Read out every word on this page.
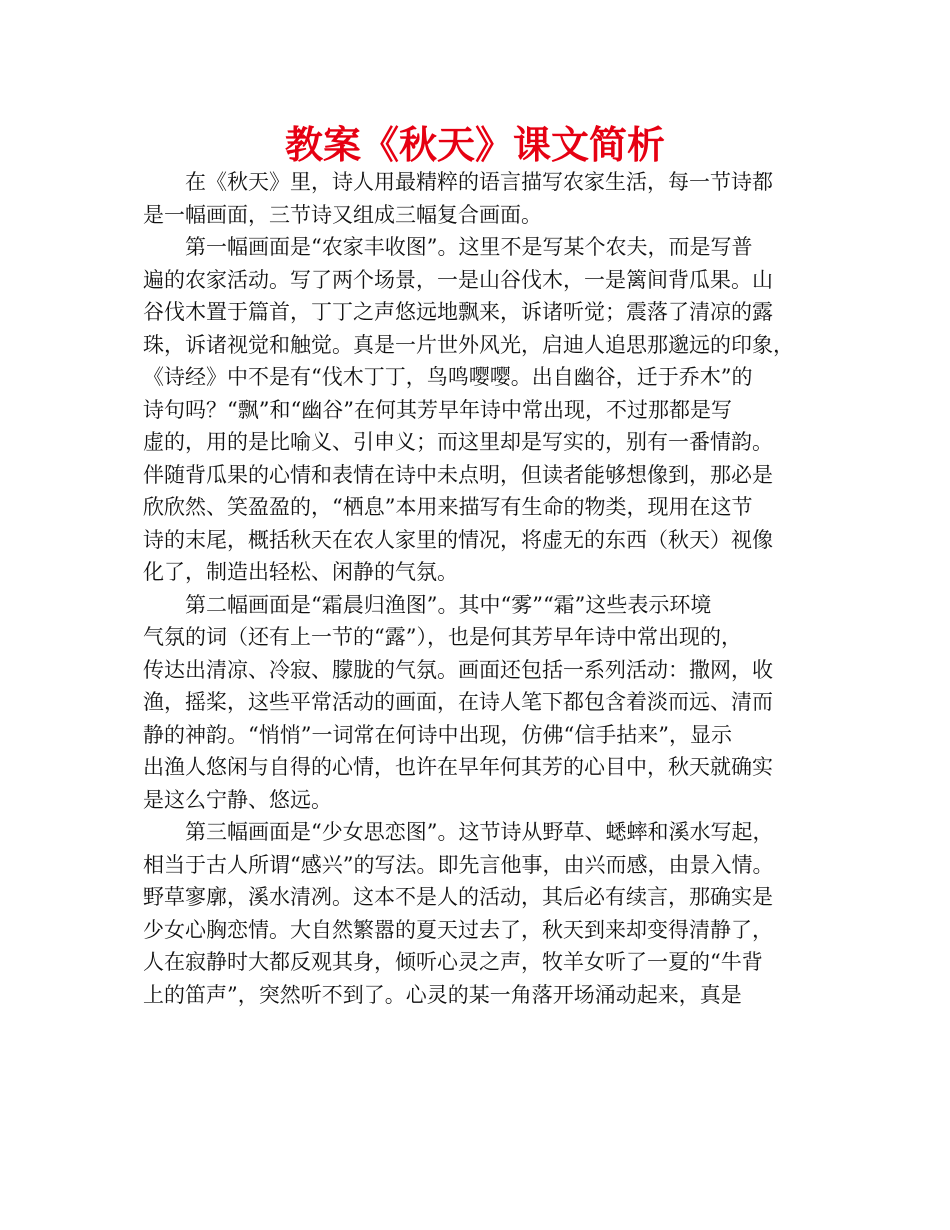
教案《秋天》课文简析
在《秋天》里，诗人用最精粹的语言描写农家生活，每一节诗都
是一幅画面，三节诗又组成三幅复合画面。
第一幅画面是“农家丰收图”。这里不是写某个农夫，而是写普
遍的农家活动。写了两个场景，一是山谷伐木，一是篱间背瓜果。山
谷伐木置于篇首，丁丁之声悠远地飘来，诉诸听觉；震落了清凉的露
珠，诉诸视觉和触觉。真是一片世外风光，启迪人追思那邈远的印象，
《诗经》中不是有“伐木丁丁，鸟鸣嘤嘤。出自幽谷，迁于乔木”的
诗句吗？“飘”和“幽谷”在何其芳早年诗中常出现，不过那都是写
虚的，用的是比喻义、引申义；而这里却是写实的，别有一番情韵。
伴随背瓜果的心情和表情在诗中未点明，但读者能够想像到，那必是
欣欣然、笑盈盈的，“栖息”本用来描写有生命的物类，现用在这节
诗的末尾，概括秋天在农人家里的情况，将虚无的东西（秋天）视像
化了，制造出轻松、闲静的气氛。
第二幅画面是“霜晨归渔图”。其中“雾”“霜”这些表示环境
气氛的词（还有上一节的“露”），也是何其芳早年诗中常出现的，
传达出清凉、冷寂、朦胧的气氛。画面还包括一系列活动：撒网，收
渔，摇桨，这些平常活动的画面，在诗人笔下都包含着淡而远、清而
静的神韵。“悄悄”一词常在何诗中出现，仿佛“信手拈来”，显示
出渔人悠闲与自得的心情，也许在早年何其芳的心目中，秋天就确实
是这么宁静、悠远。
第三幅画面是“少女思恋图”。这节诗从野草、蟋蟀和溪水写起，
相当于古人所谓“感兴”的写法。即先言他事，由兴而感，由景入情。
野草寥廓，溪水清冽。这本不是人的活动，其后必有续言，那确实是
少女心胸恋情。大自然繁嚣的夏天过去了，秋天到来却变得清静了，
人在寂静时大都反观其身，倾听心灵之声，牧羊女听了一夏的“牛背
上的笛声”，突然听不到了。心灵的某一角落开场涌动起来，真是
